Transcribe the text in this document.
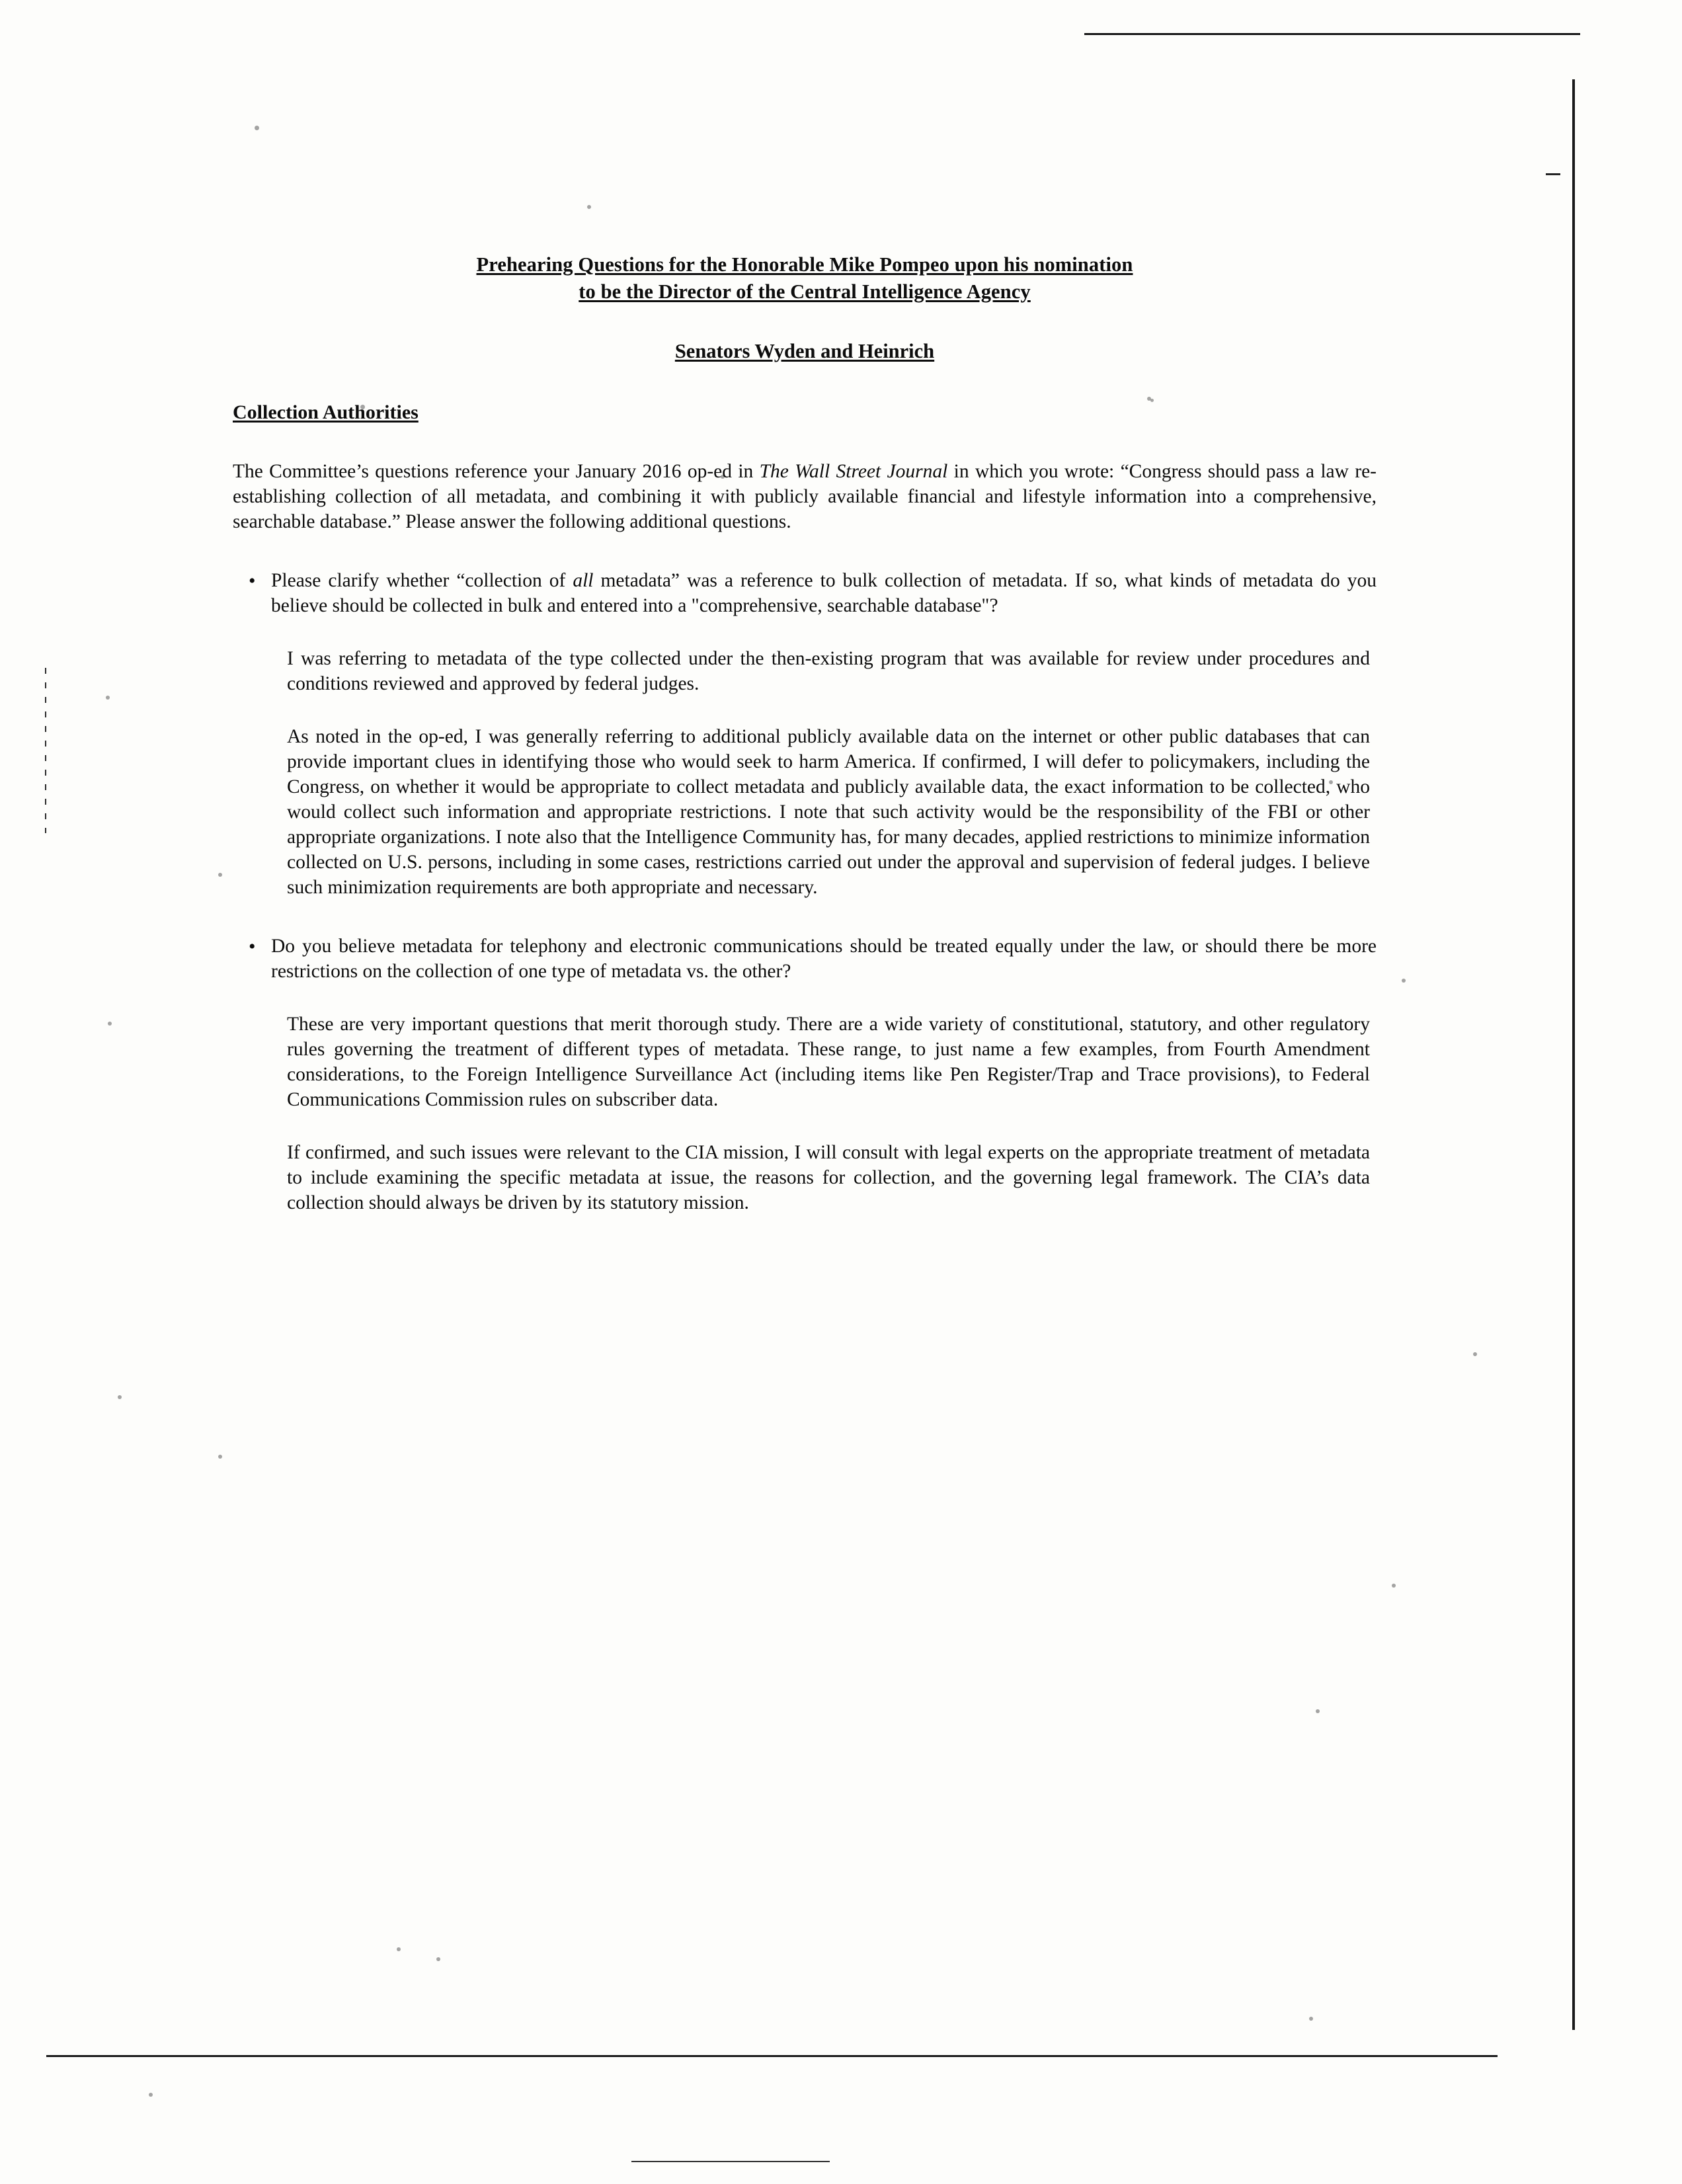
Prehearing Questions for the Honorable Mike Pompeo upon his nomination
to be the Director of the Central Intelligence Agency
Senators Wyden and Heinrich
Collection Authorities

The Committee’s questions reference your January 2016 op-ed in The Wall Street Journal in which you wrote: “Congress should pass a law re-establishing collection of all metadata, and combining it with publicly available financial and lifestyle information into a comprehensive, searchable database.” Please answer the following additional questions.

•
Please clarify whether “collection of all metadata” was a reference to bulk collection of metadata. If so, what kinds of metadata do you believe should be collected in bulk and entered into a "comprehensive, searchable database"?

I was referring to metadata of the type collected under the then-existing program that was available for review under procedures and conditions reviewed and approved by federal judges.

As noted in the op-ed, I was generally referring to additional publicly available data on the internet or other public databases that can provide important clues in identifying those who would seek to harm America. If confirmed, I will defer to policymakers, including the Congress, on whether it would be appropriate to collect metadata and publicly available data, the exact information to be collected, who would collect such information and appropriate restrictions. I note that such activity would be the responsibility of the FBI or other appropriate organizations. I note also that the Intelligence Community has, for many decades, applied restrictions to minimize information collected on U.S. persons, including in some cases, restrictions carried out under the approval and supervision of federal judges. I believe such minimization requirements are both appropriate and necessary.

•
Do you believe metadata for telephony and electronic communications should be treated equally under the law, or should there be more restrictions on the collection of one type of metadata vs. the other?

These are very important questions that merit thorough study. There are a wide variety of constitutional, statutory, and other regulatory rules governing the treatment of different types of metadata. These range, to just name a few examples, from Fourth Amendment considerations, to the Foreign Intelligence Surveillance Act (including items like Pen Register/Trap and Trace provisions), to Federal Communications Commission rules on subscriber data.

If confirmed, and such issues were relevant to the CIA mission, I will consult with legal experts on the appropriate treatment of metadata to include examining the specific metadata at issue, the reasons for collection, and the governing legal framework. The CIA’s data collection should always be driven by its statutory mission.
